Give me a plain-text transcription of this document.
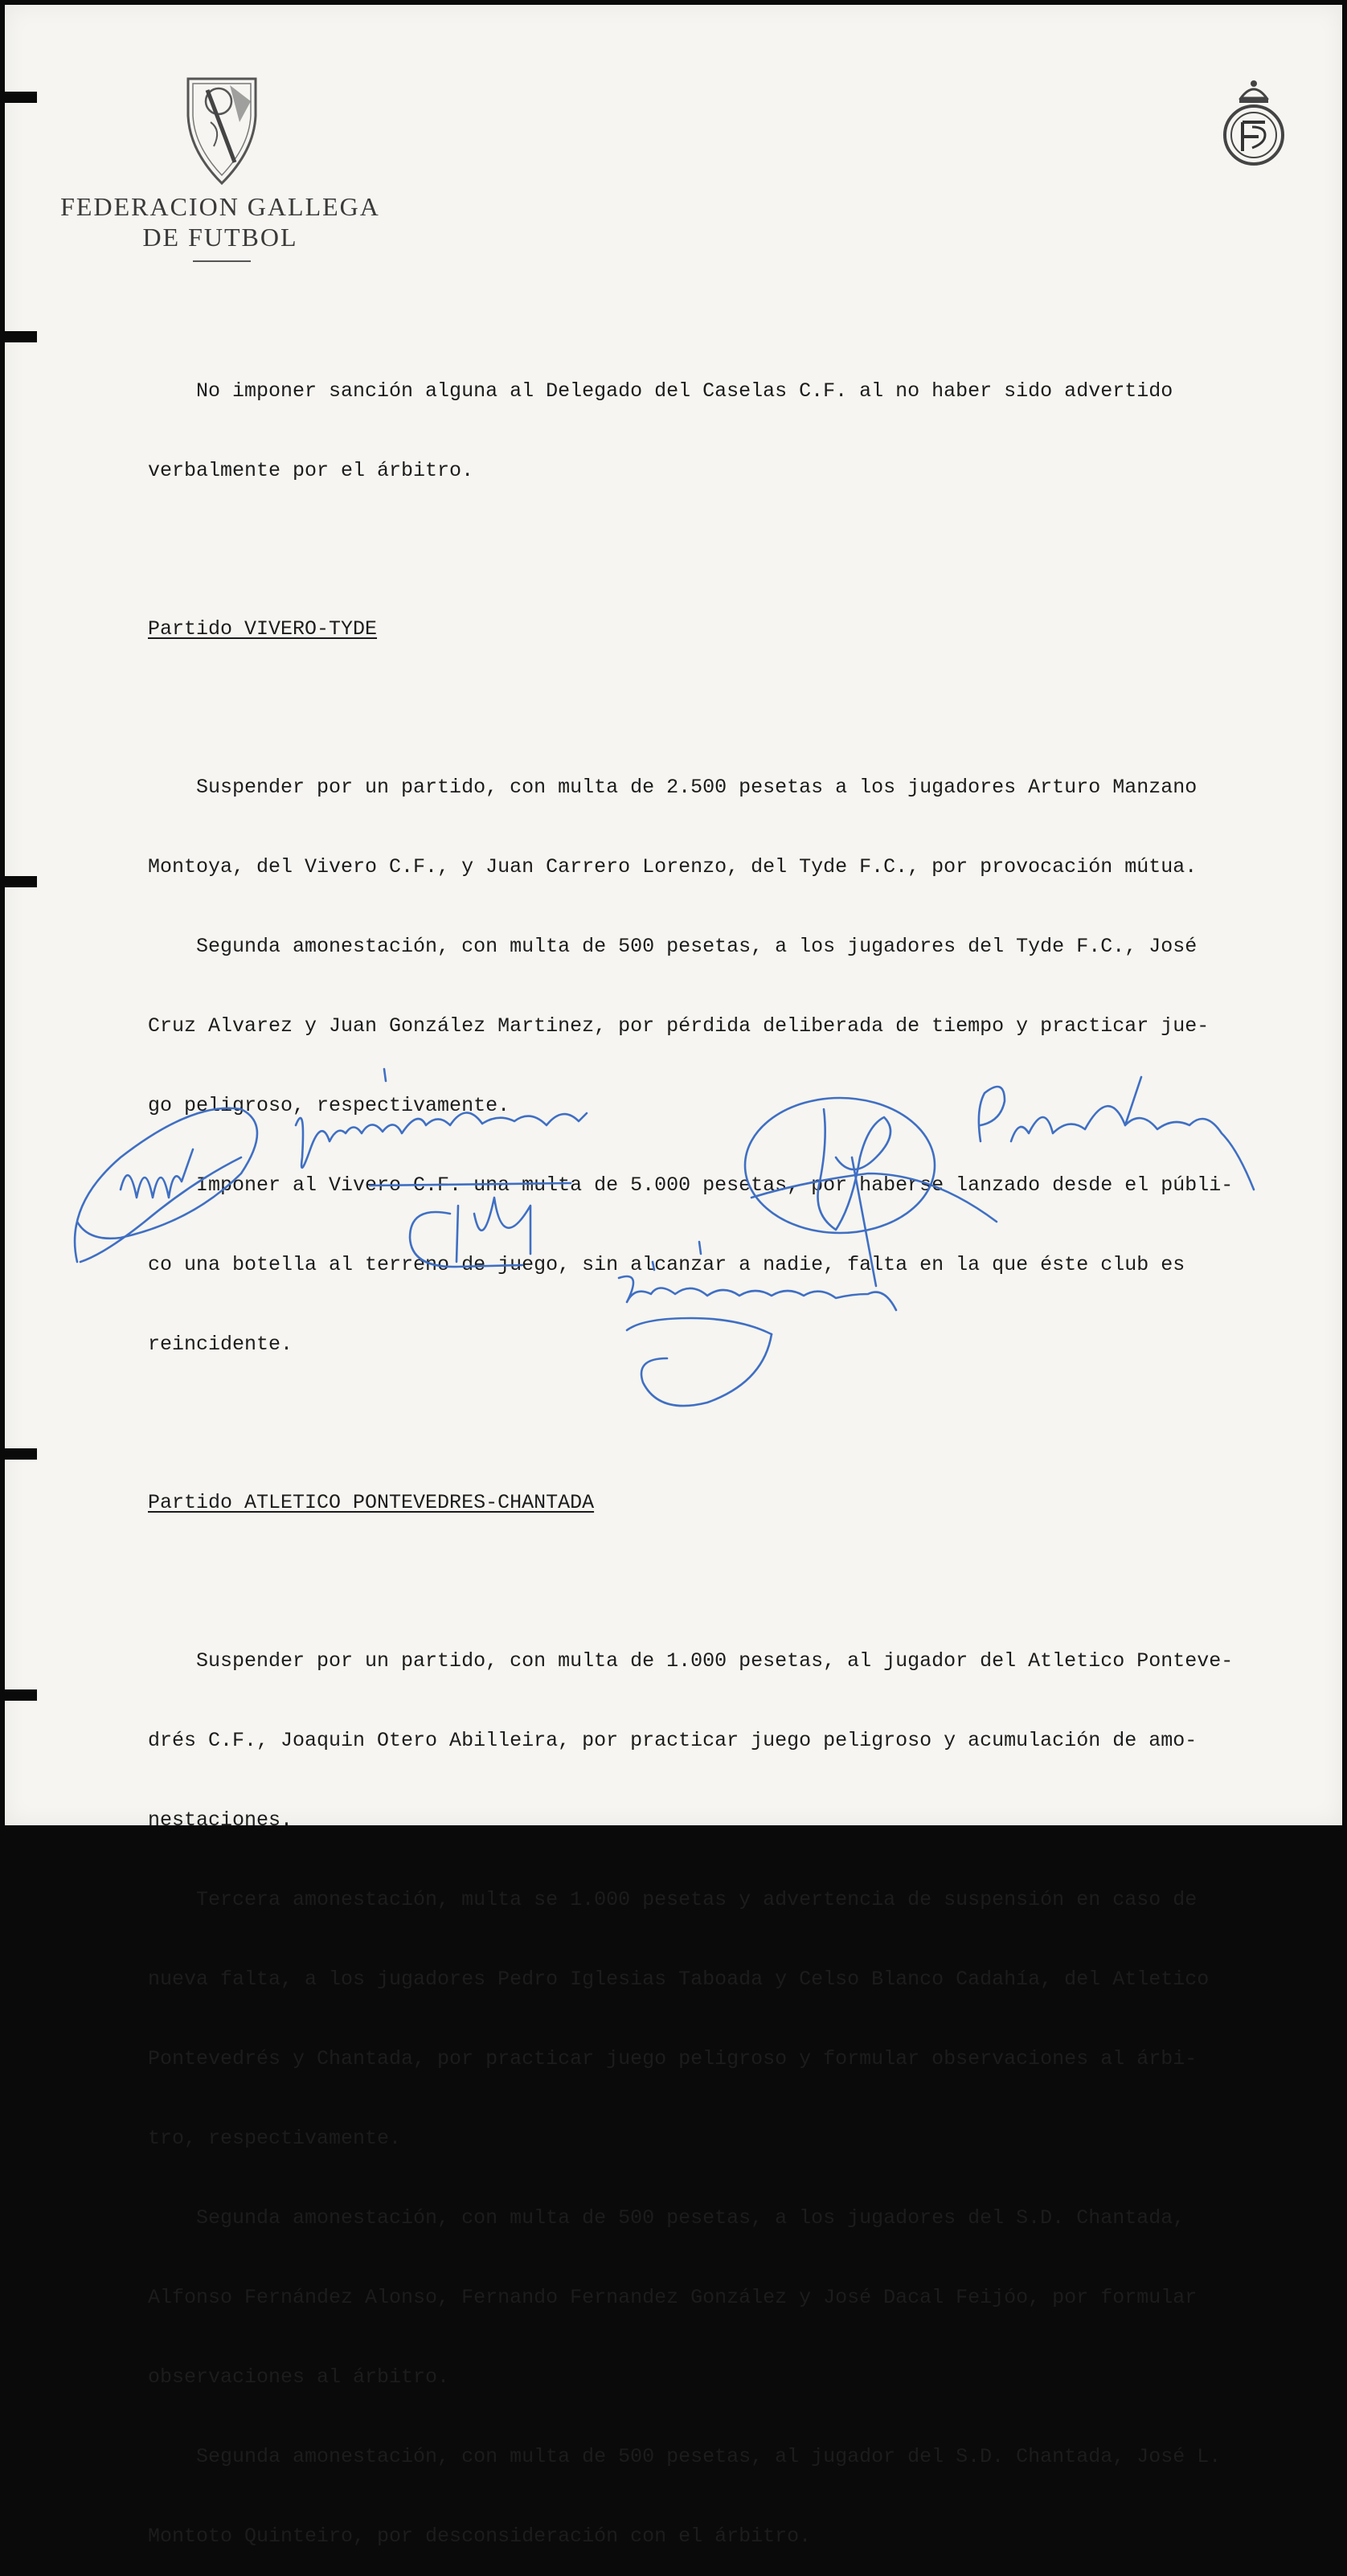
FEDERACION GALLEGA
DE FUTBOL

No imponer sanción alguna al Delegado del Caselas C.F. al no haber sido advertido

verbalmente por el árbitro.

Partido VIVERO-TYDE

Suspender por un partido, con multa de 2.500 pesetas a los jugadores Arturo Manzano

Montoya, del Vivero C.F., y Juan Carrero Lorenzo, del Tyde F.C., por provocación mútua.

Segunda amonestación, con multa de 500 pesetas, a los jugadores del Tyde F.C., José

Cruz Alvarez y Juan González Martinez, por pérdida deliberada de tiempo y practicar jue-

go peligroso, respectivamente.

Imponer al Vivero C.F. una multa de 5.000 pesetas, por haberse lanzado desde el públi-

co una botella al terreno de juego, sin alcanzar a nadie, falta en la que éste club es

reincidente.

Partido ATLETICO PONTEVEDRES-CHANTADA

Suspender por un partido, con multa de 1.000 pesetas, al jugador del Atletico Ponteve-

drés C.F., Joaquin Otero Abilleira, por practicar juego peligroso y acumulación de amo-

nestaciones.

Tercera amonestación, multa se 1.000 pesetas y advertencia de suspensión en caso de

nueva falta, a los jugadores Pedro Iglesias Taboada y Celso Blanco Cadahía, del Atletico

Pontevedrés y Chantada, por practicar juego peligroso y formular observaciones al árbi-

tro, respectivamente.

Segunda amonestación, con multa de 500 pesetas, a los jugadores del S.D. Chantada,

Alfonso Fernández Alonso, Fernando Fernandez González y José Dacal Feijóo, por formular

observaciones al árbitro.

Segunda amonestación, con multa de 500 pesetas, al jugador del S.D. Chantada, José L.

Montoto Quinteiro, por desconsideración con el árbitro.
